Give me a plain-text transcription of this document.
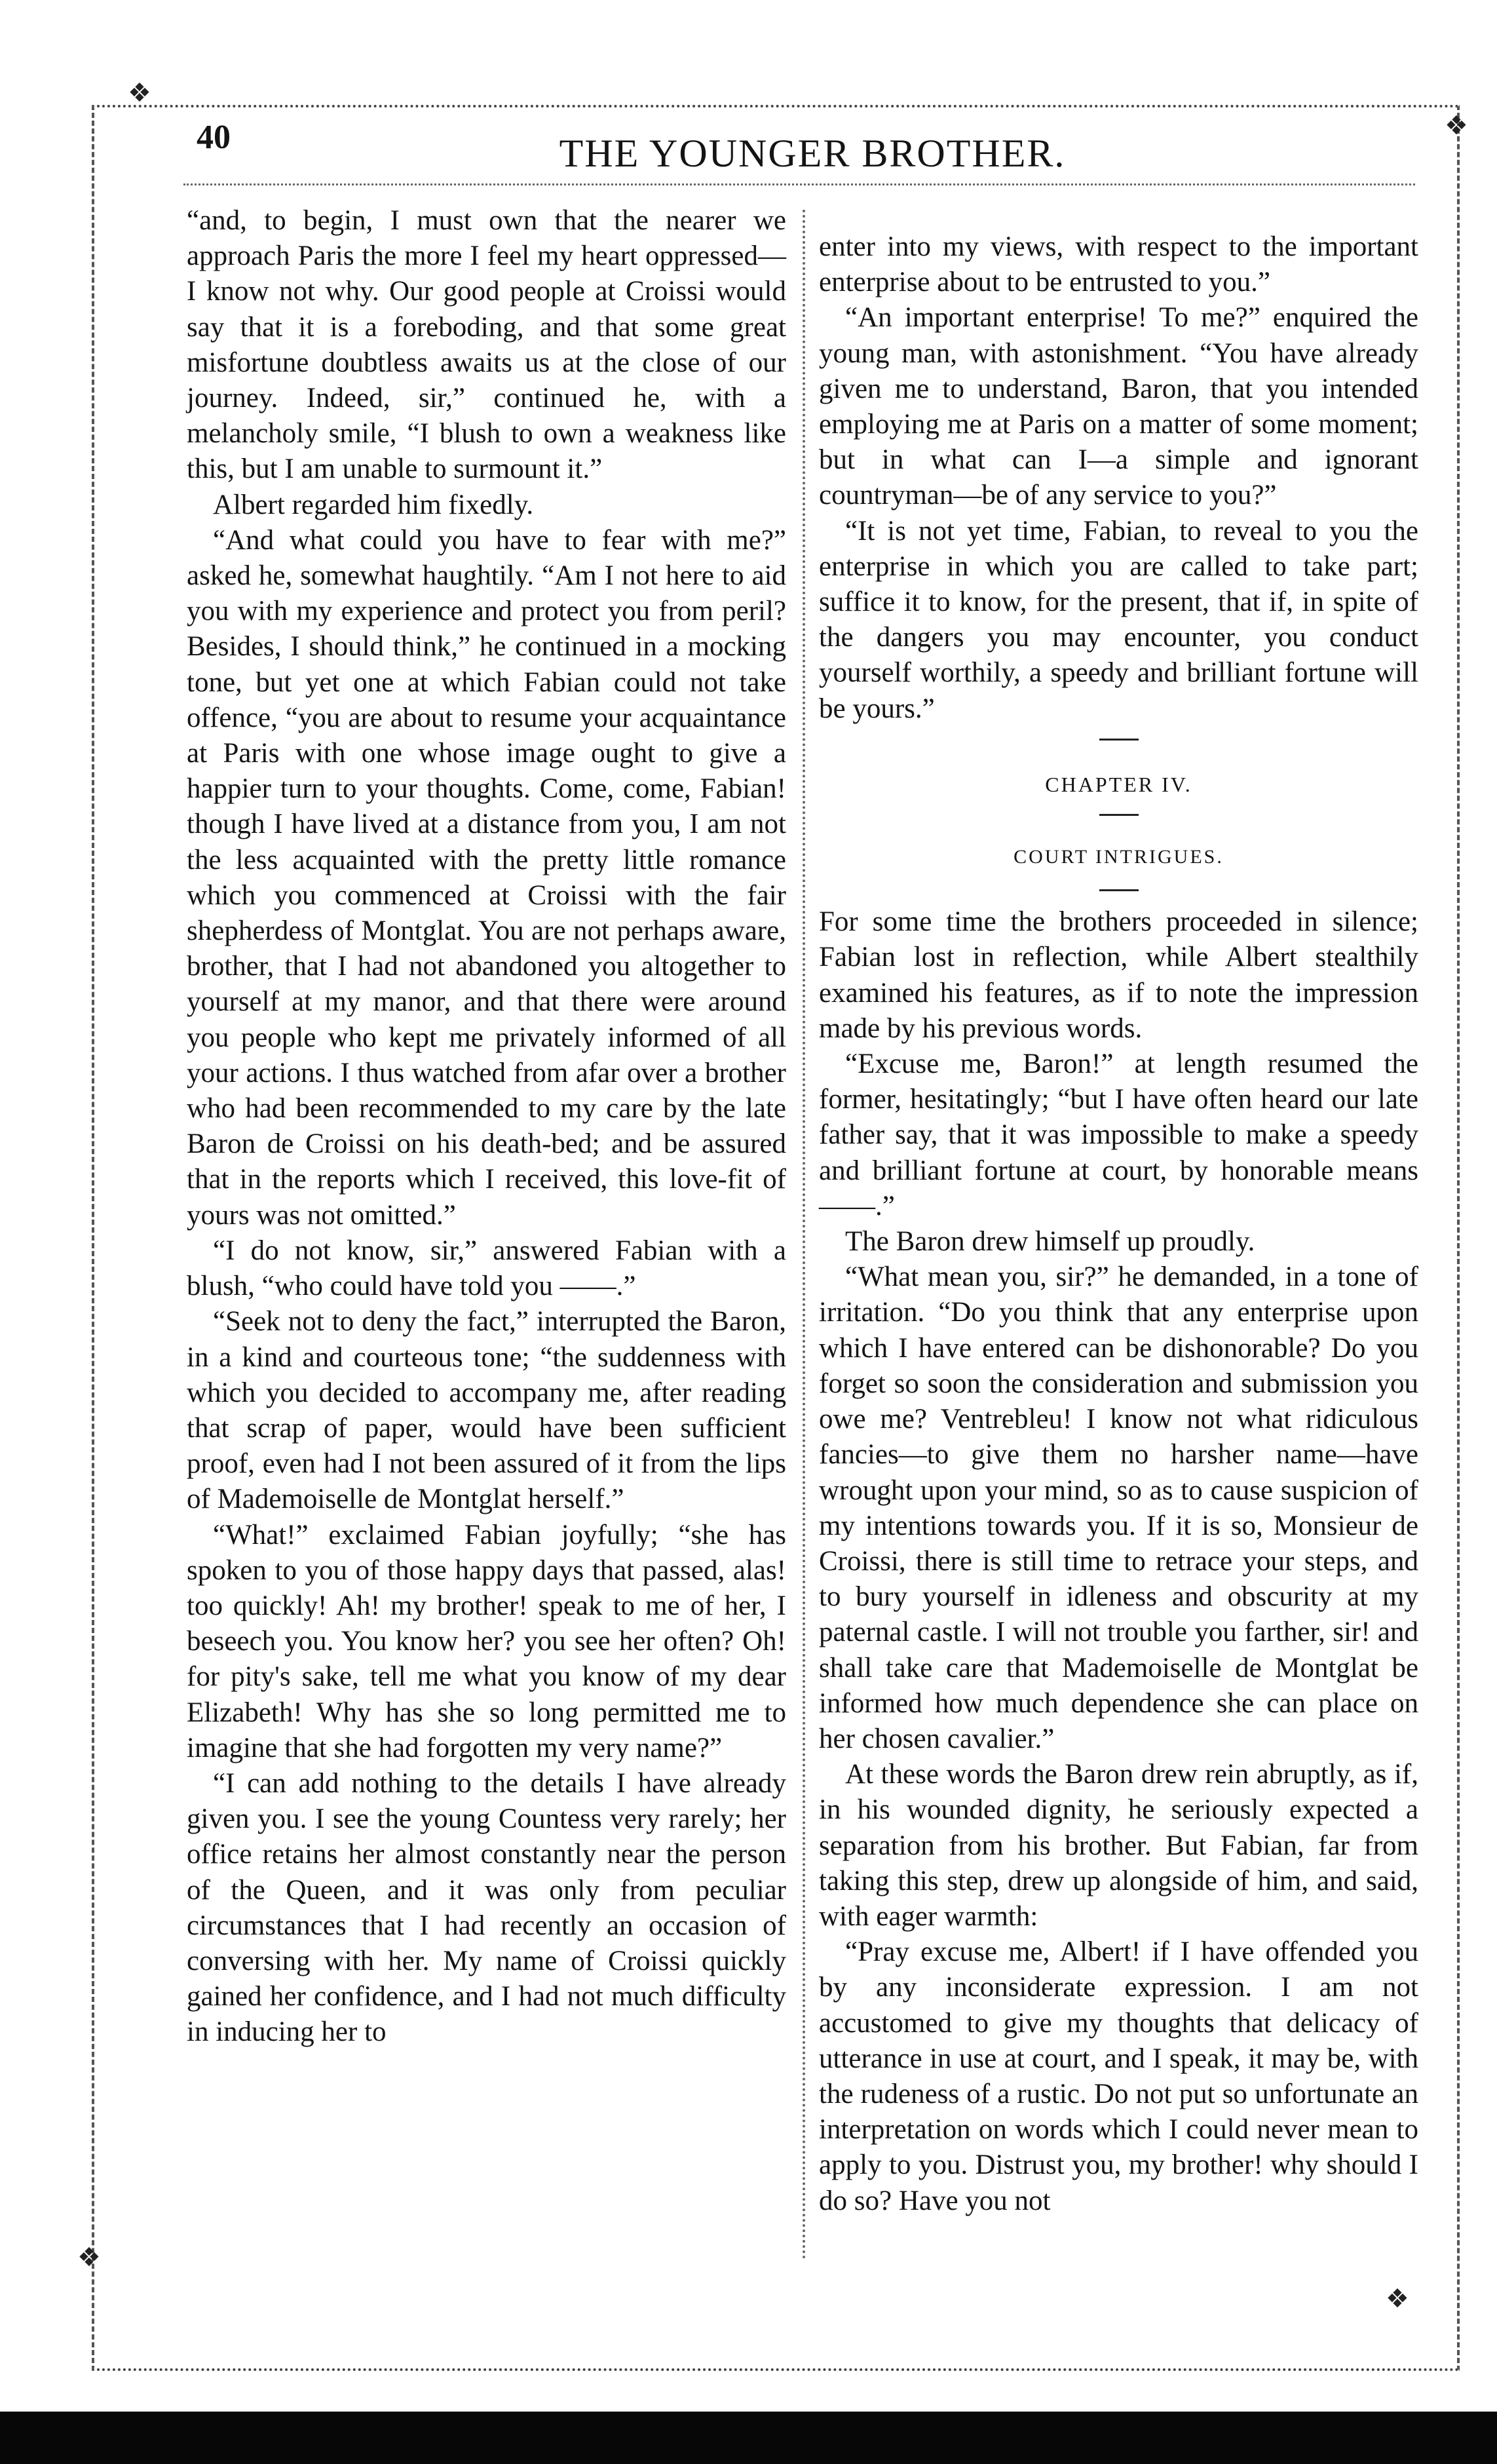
❖
❖
❖
❖
40	THE YOUNGER BROTHER.

“and, to begin, I must own that the nearer we approach Paris the more I feel my heart oppressed—I know not why. Our good people at Croissi would say that it is a foreboding, and that some great misfortune doubtless awaits us at the close of our journey. Indeed, sir,” continued he, with a melancholy smile, “I blush to own a weakness like this, but I am unable to surmount it.”

Albert regarded him fixedly.

“And what could you have to fear with me?” asked he, somewhat haughtily. “Am I not here to aid you with my experience and protect you from peril? Besides, I should think,” he continued in a mocking tone, but yet one at which Fabian could not take offence, “you are about to resume your acquaintance at Paris with one whose image ought to give a happier turn to your thoughts. Come, come, Fabian! though I have lived at a distance from you, I am not the less acquainted with the pretty little romance which you commenced at Croissi with the fair shepherdess of Montglat. You are not perhaps aware, brother, that I had not abandoned you altogether to yourself at my manor, and that there were around you people who kept me privately informed of all your actions. I thus watched from afar over a brother who had been recommended to my care by the late Baron de Croissi on his death-bed; and be assured that in the reports which I received, this love-fit of yours was not omitted.”

“I do not know, sir,” answered Fabian with a blush, “who could have told you ——.”

“Seek not to deny the fact,” interrupted the Baron, in a kind and courteous tone; “the suddenness with which you decided to accompany me, after reading that scrap of paper, would have been sufficient proof, even had I not been assured of it from the lips of Mademoiselle de Montglat herself.”

“What!” exclaimed Fabian joyfully; “she has spoken to you of those happy days that passed, alas! too quickly! Ah! my brother! speak to me of her, I beseech you. You know her? you see her often? Oh! for pity's sake, tell me what you know of my dear Elizabeth! Why has she so long permitted me to imagine that she had forgotten my very name?”

“I can add nothing to the details I have already given you. I see the young Countess very rarely; her office retains her almost constantly near the person of the Queen, and it was only from peculiar circumstances that I had recently an occasion of conversing with her. My name of Croissi quickly gained her confidence, and I had not much difficulty in inducing her to

enter into my views, with respect to the important enterprise about to be entrusted to you.”

“An important enterprise! To me?” enquired the young man, with astonishment. “You have already given me to understand, Baron, that you intended employing me at Paris on a matter of some moment; but in what can I—a simple and ignorant countryman—be of any service to you?”

“It is not yet time, Fabian, to reveal to you the enterprise in which you are called to take part; suffice it to know, for the present, that if, in spite of the dangers you may encounter, you conduct yourself worthily, a speedy and brilliant fortune will be yours.”

CHAPTER IV.

COURT INTRIGUES.

For some time the brothers proceeded in silence; Fabian lost in reflection, while Albert stealthily examined his features, as if to note the impression made by his previous words.

“Excuse me, Baron!” at length resumed the former, hesitatingly; “but I have often heard our late father say, that it was impossible to make a speedy and brilliant fortune at court, by honorable means ——.”

The Baron drew himself up proudly.

“What mean you, sir?” he demanded, in a tone of irritation. “Do you think that any enterprise upon which I have entered can be dishonorable? Do you forget so soon the consideration and submission you owe me? Ventrebleu! I know not what ridiculous fancies—to give them no harsher name—have wrought upon your mind, so as to cause suspicion of my intentions towards you. If it is so, Monsieur de Croissi, there is still time to retrace your steps, and to bury yourself in idleness and obscurity at my paternal castle. I will not trouble you farther, sir! and shall take care that Mademoiselle de Montglat be informed how much dependence she can place on her chosen cavalier.”

At these words the Baron drew rein abruptly, as if, in his wounded dignity, he seriously expected a separation from his brother. But Fabian, far from taking this step, drew up alongside of him, and said, with eager warmth:

“Pray excuse me, Albert! if I have offended you by any inconsiderate expression. I am not accustomed to give my thoughts that delicacy of utterance in use at court, and I speak, it may be, with the rudeness of a rustic. Do not put so unfortunate an interpretation on words which I could never mean to apply to you. Distrust you, my brother! why should I do so? Have you not
